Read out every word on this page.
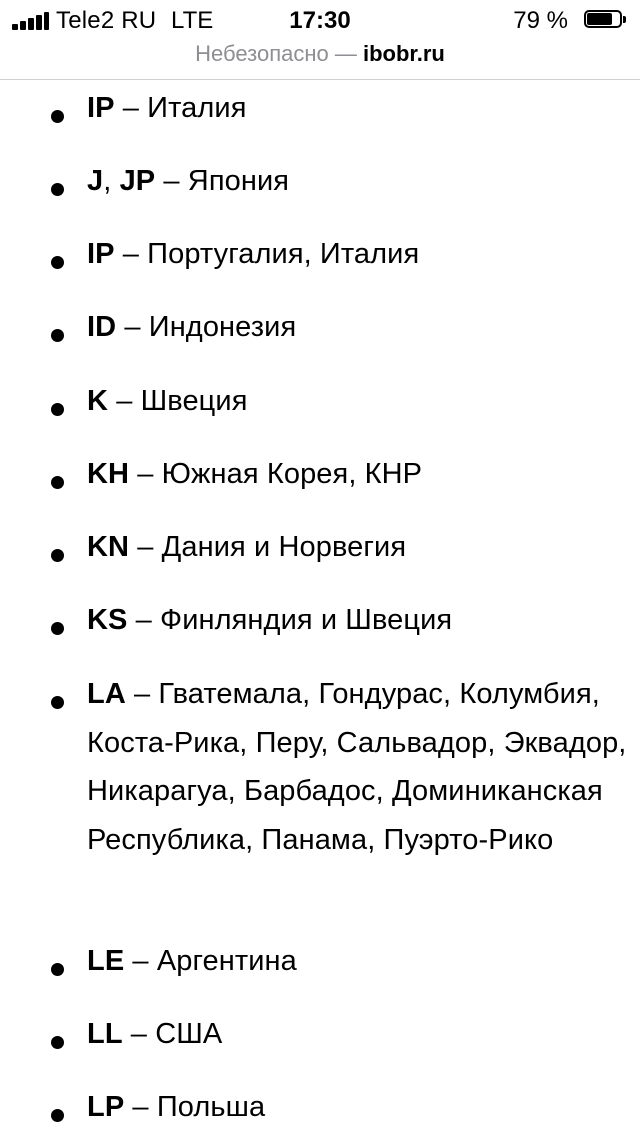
Tele2 RU LTE	17:30	79 %
Небезопасно — ibobr.ru
IP – Италия
J, JP – Япония
IP – Португалия, Италия
ID – Индонезия
K – Швеция
KH – Южная Корея, КНР
KN – Дания и Норвегия
KS – Финляндия и Швеция
LA – Гватемала, Гондурас, Колумбия, Коста-Рика, Перу, Сальвадор, Эквадор, Никарагуа, Барбадос, Доминиканская Республика, Панама, Пуэрто-Рико
LE – Аргентина
LL – США
LP – Польша
